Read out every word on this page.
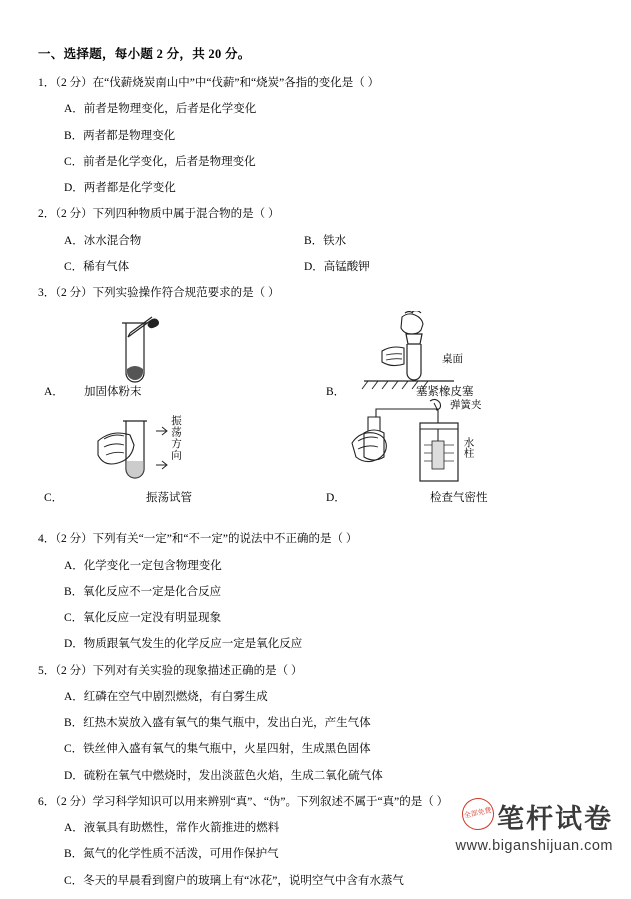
一、选择题，每小题 2 分，共 20 分。
1．（2 分）在“伐薪烧炭南山中”中“伐薪”和“烧炭”各指的变化是（ ）
A．前者是物理变化，后者是化学变化
B．两者都是物理变化
C．前者是化学变化，后者是物理变化
D．两者都是化学变化
2．（2 分）下列四种物质中属于混合物的是（ ）
A．冰水混合物	B．铁水
C．稀有气体	D．高锰酸钾
3．（2 分）下列实验操作符合规范要求的是（ ）
A． 加固体粉末
桌面
B．	塞紧橡皮塞
振荡方向
C．	振荡试管
弹簧夹
水柱
D．	检查气密性
4．（2 分）下列有关“一定”和“不一定”的说法中不正确的是（ ）
A．化学变化一定包含物理变化
B．氧化反应不一定是化合反应
C．氧化反应一定没有明显现象
D．物质跟氧气发生的化学反应一定是氧化反应
5．（2 分）下列对有关实验的现象描述正确的是（ ）
A．红磷在空气中剧烈燃烧，有白雾生成
B．红热木炭放入盛有氧气的集气瓶中，发出白光，产生气体
C．铁丝伸入盛有氧气的集气瓶中，火星四射，生成黑色固体
D．硫粉在氧气中燃烧时，发出淡蓝色火焰，生成二氧化硫气体
6．（2 分）学习科学知识可以用来辨别“真”、“伪”。下列叙述不属于“真”的是（ ）
A．液氧具有助燃性，常作火箭推进的燃料
B．氮气的化学性质不活泼，可用作保护气
C．冬天的早晨看到窗户的玻璃上有“冰花”，说明空气中含有水蒸气
笔杆试卷
www.biganshijuan.com
全部免费
